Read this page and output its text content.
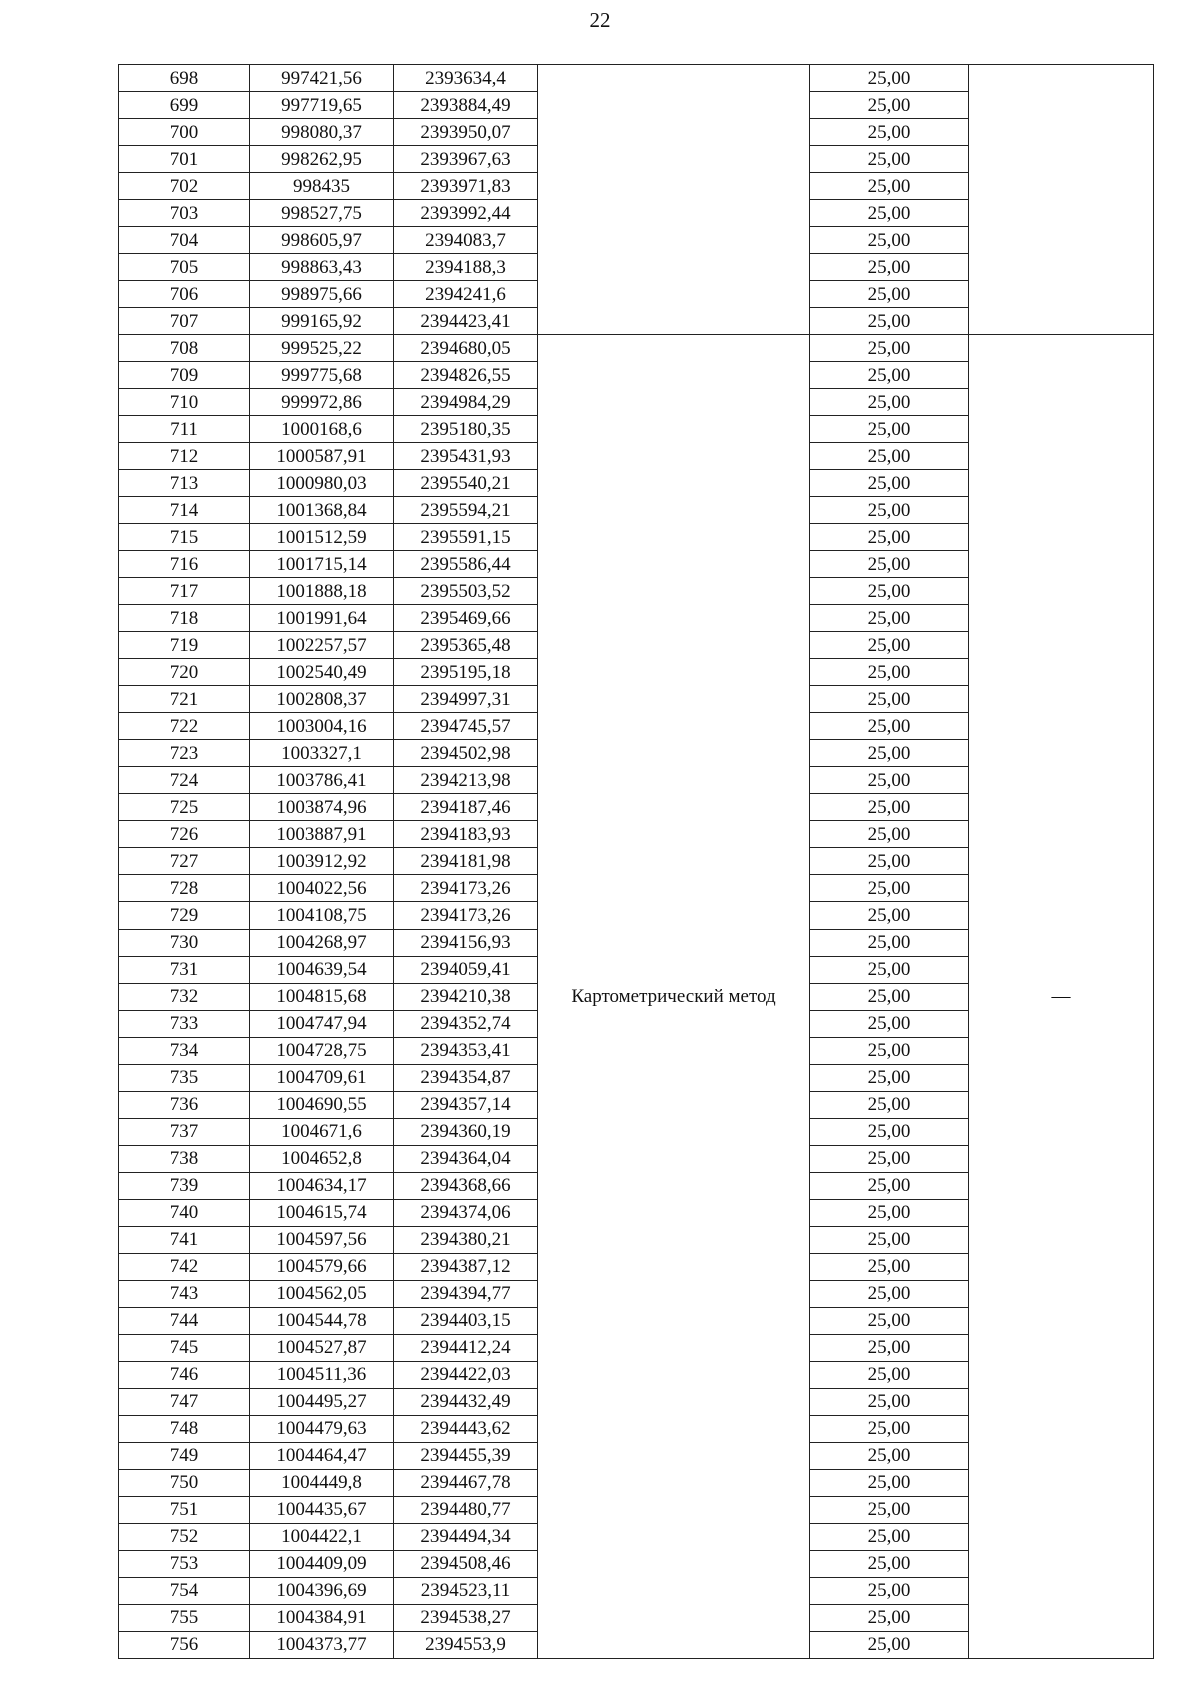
22
698	997421,56	2393634,4		25,00	
699	997719,65	2393884,49		25,00	
700	998080,37	2393950,07		25,00	
701	998262,95	2393967,63		25,00	
702	998435	2393971,83		25,00	
703	998527,75	2393992,44		25,00	
704	998605,97	2394083,7		25,00	
705	998863,43	2394188,3		25,00	
706	998975,66	2394241,6		25,00	
707	999165,92	2394423,41		25,00	
708	999525,22	2394680,05	Картометрический метод	25,00	—
709	999775,68	2394826,55		25,00	
710	999972,86	2394984,29		25,00	
711	1000168,6	2395180,35		25,00	
712	1000587,91	2395431,93		25,00	
713	1000980,03	2395540,21		25,00	
714	1001368,84	2395594,21		25,00	
715	1001512,59	2395591,15		25,00	
716	1001715,14	2395586,44		25,00	
717	1001888,18	2395503,52		25,00	
718	1001991,64	2395469,66		25,00	
719	1002257,57	2395365,48		25,00	
720	1002540,49	2395195,18		25,00	
721	1002808,37	2394997,31		25,00	
722	1003004,16	2394745,57		25,00	
723	1003327,1	2394502,98		25,00	
724	1003786,41	2394213,98		25,00	
725	1003874,96	2394187,46		25,00	
726	1003887,91	2394183,93		25,00	
727	1003912,92	2394181,98		25,00	
728	1004022,56	2394173,26		25,00	
729	1004108,75	2394173,26		25,00	
730	1004268,97	2394156,93		25,00	
731	1004639,54	2394059,41		25,00	
732	1004815,68	2394210,38		25,00	
733	1004747,94	2394352,74		25,00	
734	1004728,75	2394353,41		25,00	
735	1004709,61	2394354,87		25,00	
736	1004690,55	2394357,14		25,00	
737	1004671,6	2394360,19		25,00	
738	1004652,8	2394364,04		25,00	
739	1004634,17	2394368,66		25,00	
740	1004615,74	2394374,06		25,00	
741	1004597,56	2394380,21		25,00	
742	1004579,66	2394387,12		25,00	
743	1004562,05	2394394,77		25,00	
744	1004544,78	2394403,15		25,00	
745	1004527,87	2394412,24		25,00	
746	1004511,36	2394422,03		25,00	
747	1004495,27	2394432,49		25,00	
748	1004479,63	2394443,62		25,00	
749	1004464,47	2394455,39		25,00	
750	1004449,8	2394467,78		25,00	
751	1004435,67	2394480,77		25,00	
752	1004422,1	2394494,34		25,00	
753	1004409,09	2394508,46		25,00	
754	1004396,69	2394523,11		25,00	
755	1004384,91	2394538,27		25,00	
756	1004373,77	2394553,9		25,00	
